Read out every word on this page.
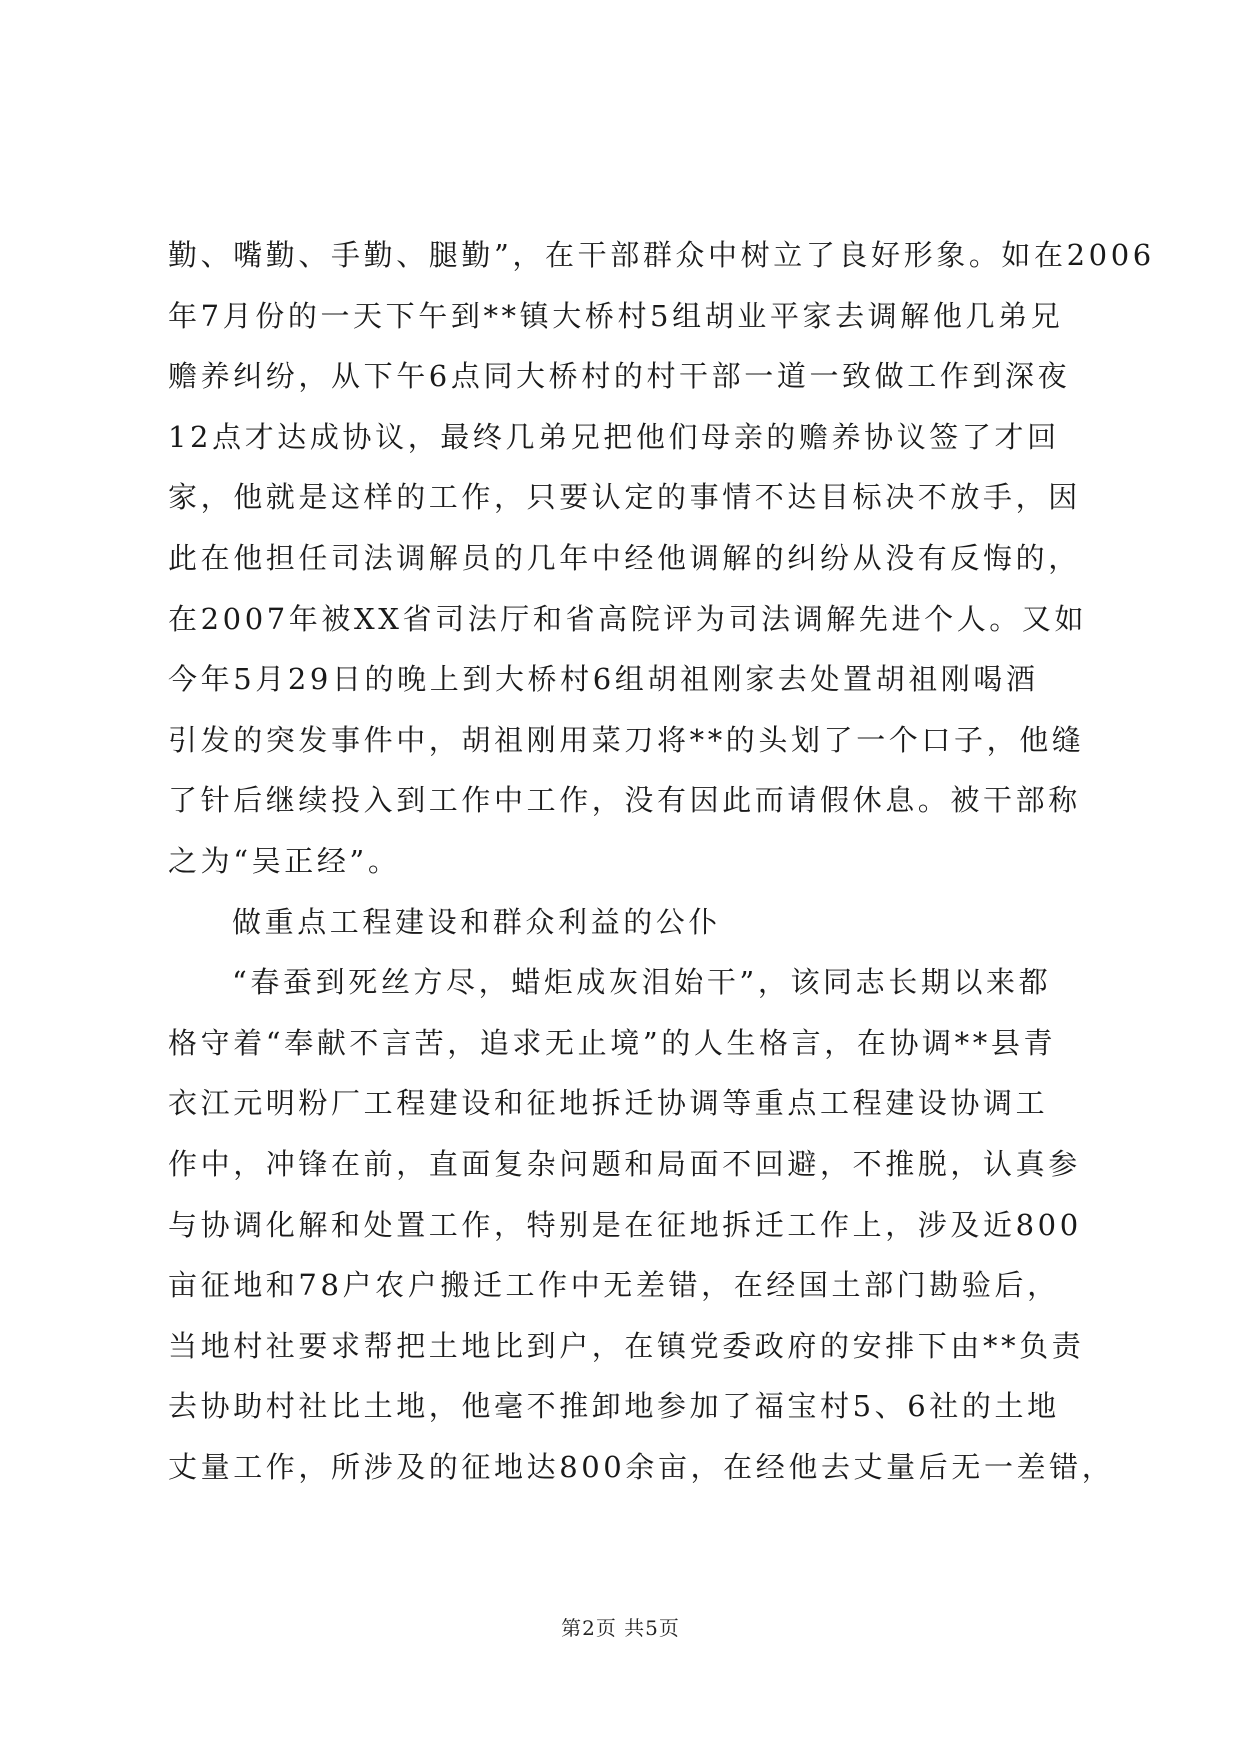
勤、嘴勤、手勤、腿勤”，在干部群众中树立了良好形象。如在2006
年7月份的一天下午到**镇大桥村5组胡业平家去调解他几弟兄
赡养纠纷，从下午6点同大桥村的村干部一道一致做工作到深夜
12点才达成协议，最终几弟兄把他们母亲的赡养协议签了才回
家，他就是这样的工作，只要认定的事情不达目标决不放手，因
此在他担任司法调解员的几年中经他调解的纠纷从没有反悔的，
在2007年被XX省司法厅和省高院评为司法调解先进个人。又如
今年5月29日的晚上到大桥村6组胡祖刚家去处置胡祖刚喝酒
引发的突发事件中，胡祖刚用菜刀将**的头划了一个口子，他缝
了针后继续投入到工作中工作，没有因此而请假休息。被干部称
之为“吴正经”。
做重点工程建设和群众利益的公仆
“春蚕到死丝方尽，蜡炬成灰泪始干”，该同志长期以来都
格守着“奉献不言苦，追求无止境”的人生格言，在协调**县青
衣江元明粉厂工程建设和征地拆迁协调等重点工程建设协调工
作中，冲锋在前，直面复杂问题和局面不回避，不推脱，认真参
与协调化解和处置工作，特别是在征地拆迁工作上，涉及近800
亩征地和78户农户搬迁工作中无差错，在经国土部门勘验后，
当地村社要求帮把土地比到户，在镇党委政府的安排下由**负责
去协助村社比土地，他毫不推卸地参加了福宝村5、6社的土地
丈量工作，所涉及的征地达800余亩，在经他去丈量后无一差错，
第2页 共5页
